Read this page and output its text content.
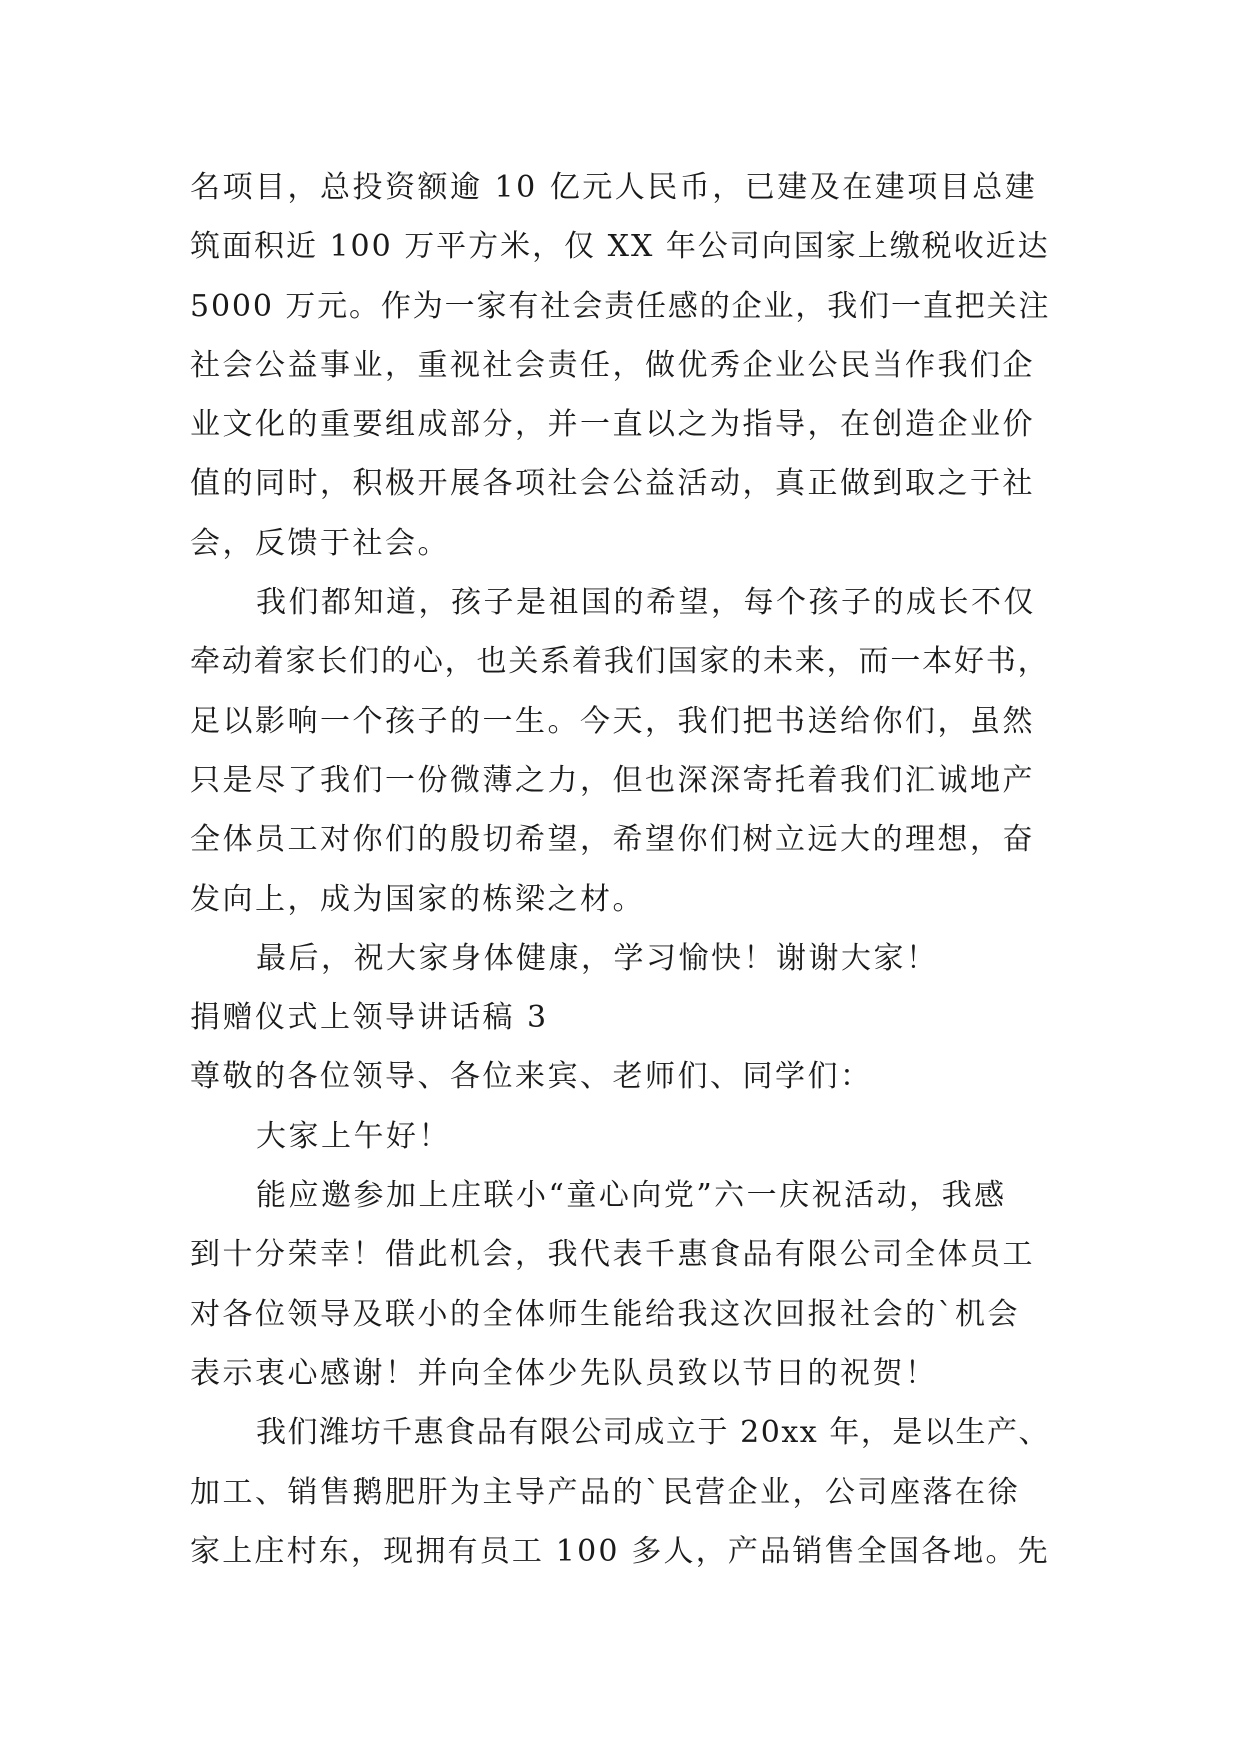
名项目，总投资额逾 10 亿元人民币，已建及在建项目总建
筑面积近 100 万平方米，仅 XX 年公司向国家上缴税收近达
5000 万元。作为一家有社会责任感的企业，我们一直把关注
社会公益事业，重视社会责任，做优秀企业公民当作我们企
业文化的重要组成部分，并一直以之为指导，在创造企业价
值的同时，积极开展各项社会公益活动，真正做到取之于社
会，反馈于社会。
我们都知道，孩子是祖国的希望，每个孩子的成长不仅
牵动着家长们的心，也关系着我们国家的未来，而一本好书，
足以影响一个孩子的一生。今天，我们把书送给你们，虽然
只是尽了我们一份微薄之力，但也深深寄托着我们汇诚地产
全体员工对你们的殷切希望，希望你们树立远大的理想，奋
发向上，成为国家的栋梁之材。
最后，祝大家身体健康，学习愉快！谢谢大家！
捐赠仪式上领导讲话稿 3
尊敬的各位领导、各位来宾、老师们、同学们：
大家上午好！
能应邀参加上庄联小“童心向党”六一庆祝活动，我感
到十分荣幸！借此机会，我代表千惠食品有限公司全体员工
对各位领导及联小的全体师生能给我这次回报社会的`机会
表示衷心感谢！并向全体少先队员致以节日的祝贺！
我们潍坊千惠食品有限公司成立于 20xx 年，是以生产、
加工、销售鹅肥肝为主导产品的`民营企业，公司座落在徐
家上庄村东，现拥有员工 100 多人，产品销售全国各地。先
